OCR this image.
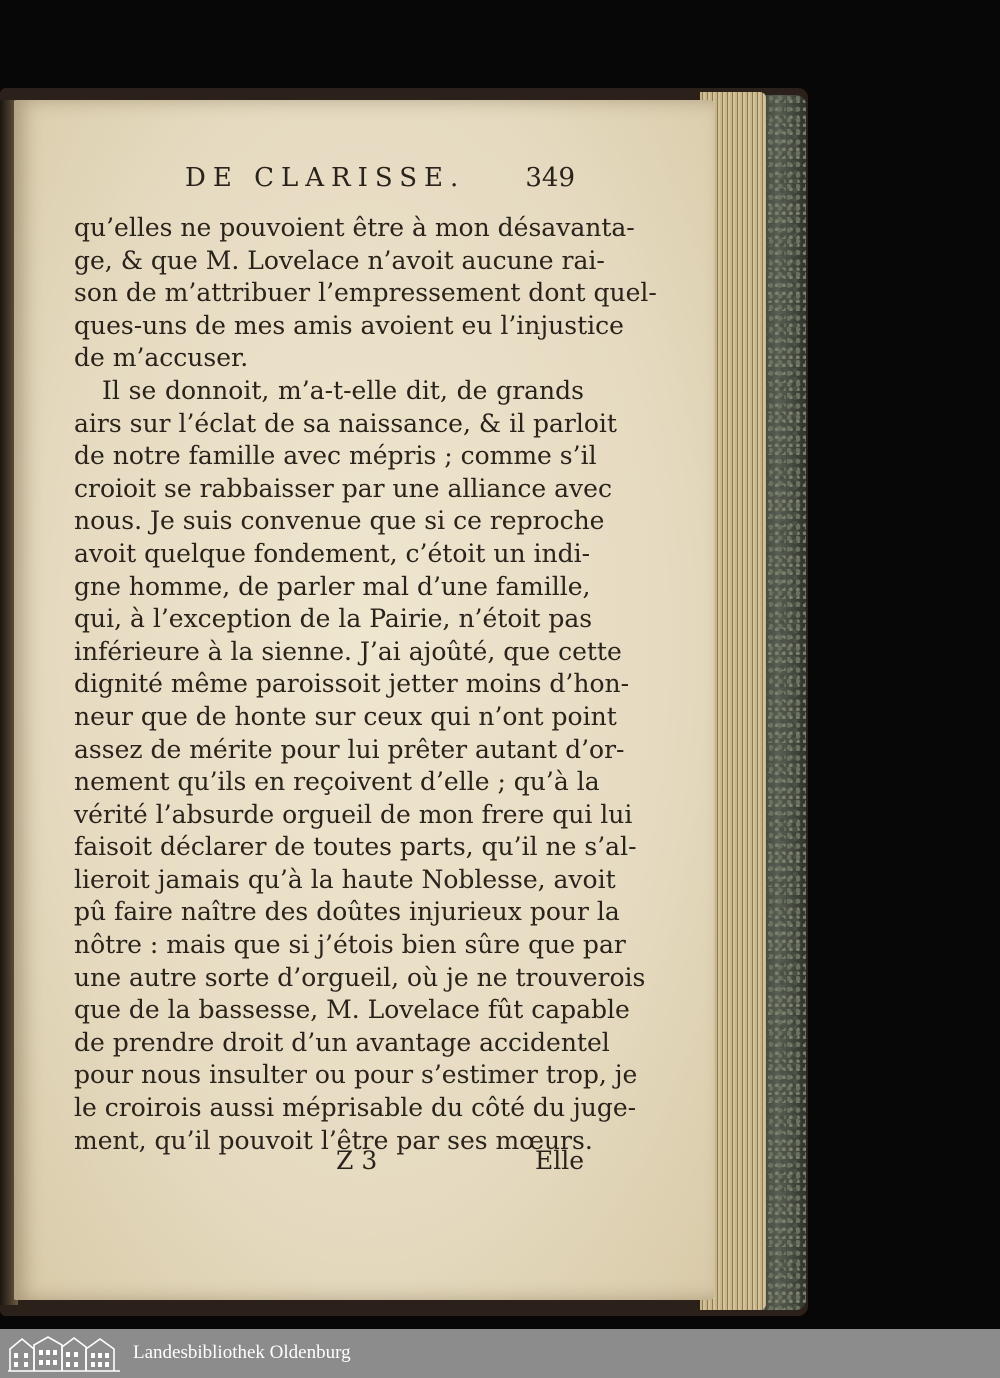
DE CLARISSE. 349
qu’elles ne pouvoient être à mon désavanta-
ge, & que M. Lovelace n’avoit aucune rai-
son de m’attribuer l’empressement dont quel-
ques-uns de mes amis avoient eu l’injustice
de m’accuser.
Il se donnoit, m’a-t-elle dit, de grands
airs sur l’éclat de sa naissance, & il parloit
de notre famille avec mépris ; comme s’il
croioit se rabbaisser par une alliance avec
nous. Je suis convenue que si ce reproche
avoit quelque fondement, c’étoit un indi-
gne homme, de parler mal d’une famille,
qui, à l’exception de la Pairie, n’étoit pas
inférieure à la sienne. J’ai ajoûté, que cette
dignité même paroissoit jetter moins d’hon-
neur que de honte sur ceux qui n’ont point
assez de mérite pour lui prêter autant d’or-
nement qu’ils en reçoivent d’elle ; qu’à la
vérité l’absurde orgueil de mon frere qui lui
faisoit déclarer de toutes parts, qu’il ne s’al-
lieroit jamais qu’à la haute Noblesse, avoit
pû faire naître des doûtes injurieux pour la
nôtre : mais que si j’étois bien sûre que par
une autre sorte d’orgueil, où je ne trouverois
que de la bassesse, M. Lovelace fût capable
de prendre droit d’un avantage accidentel
pour nous insulter ou pour s’estimer trop, je
le croirois aussi méprisable du côté du juge-
ment, qu’il pouvoit l’être par ses mœurs.
Z 3	Elle
Landesbibliothek Oldenburg
